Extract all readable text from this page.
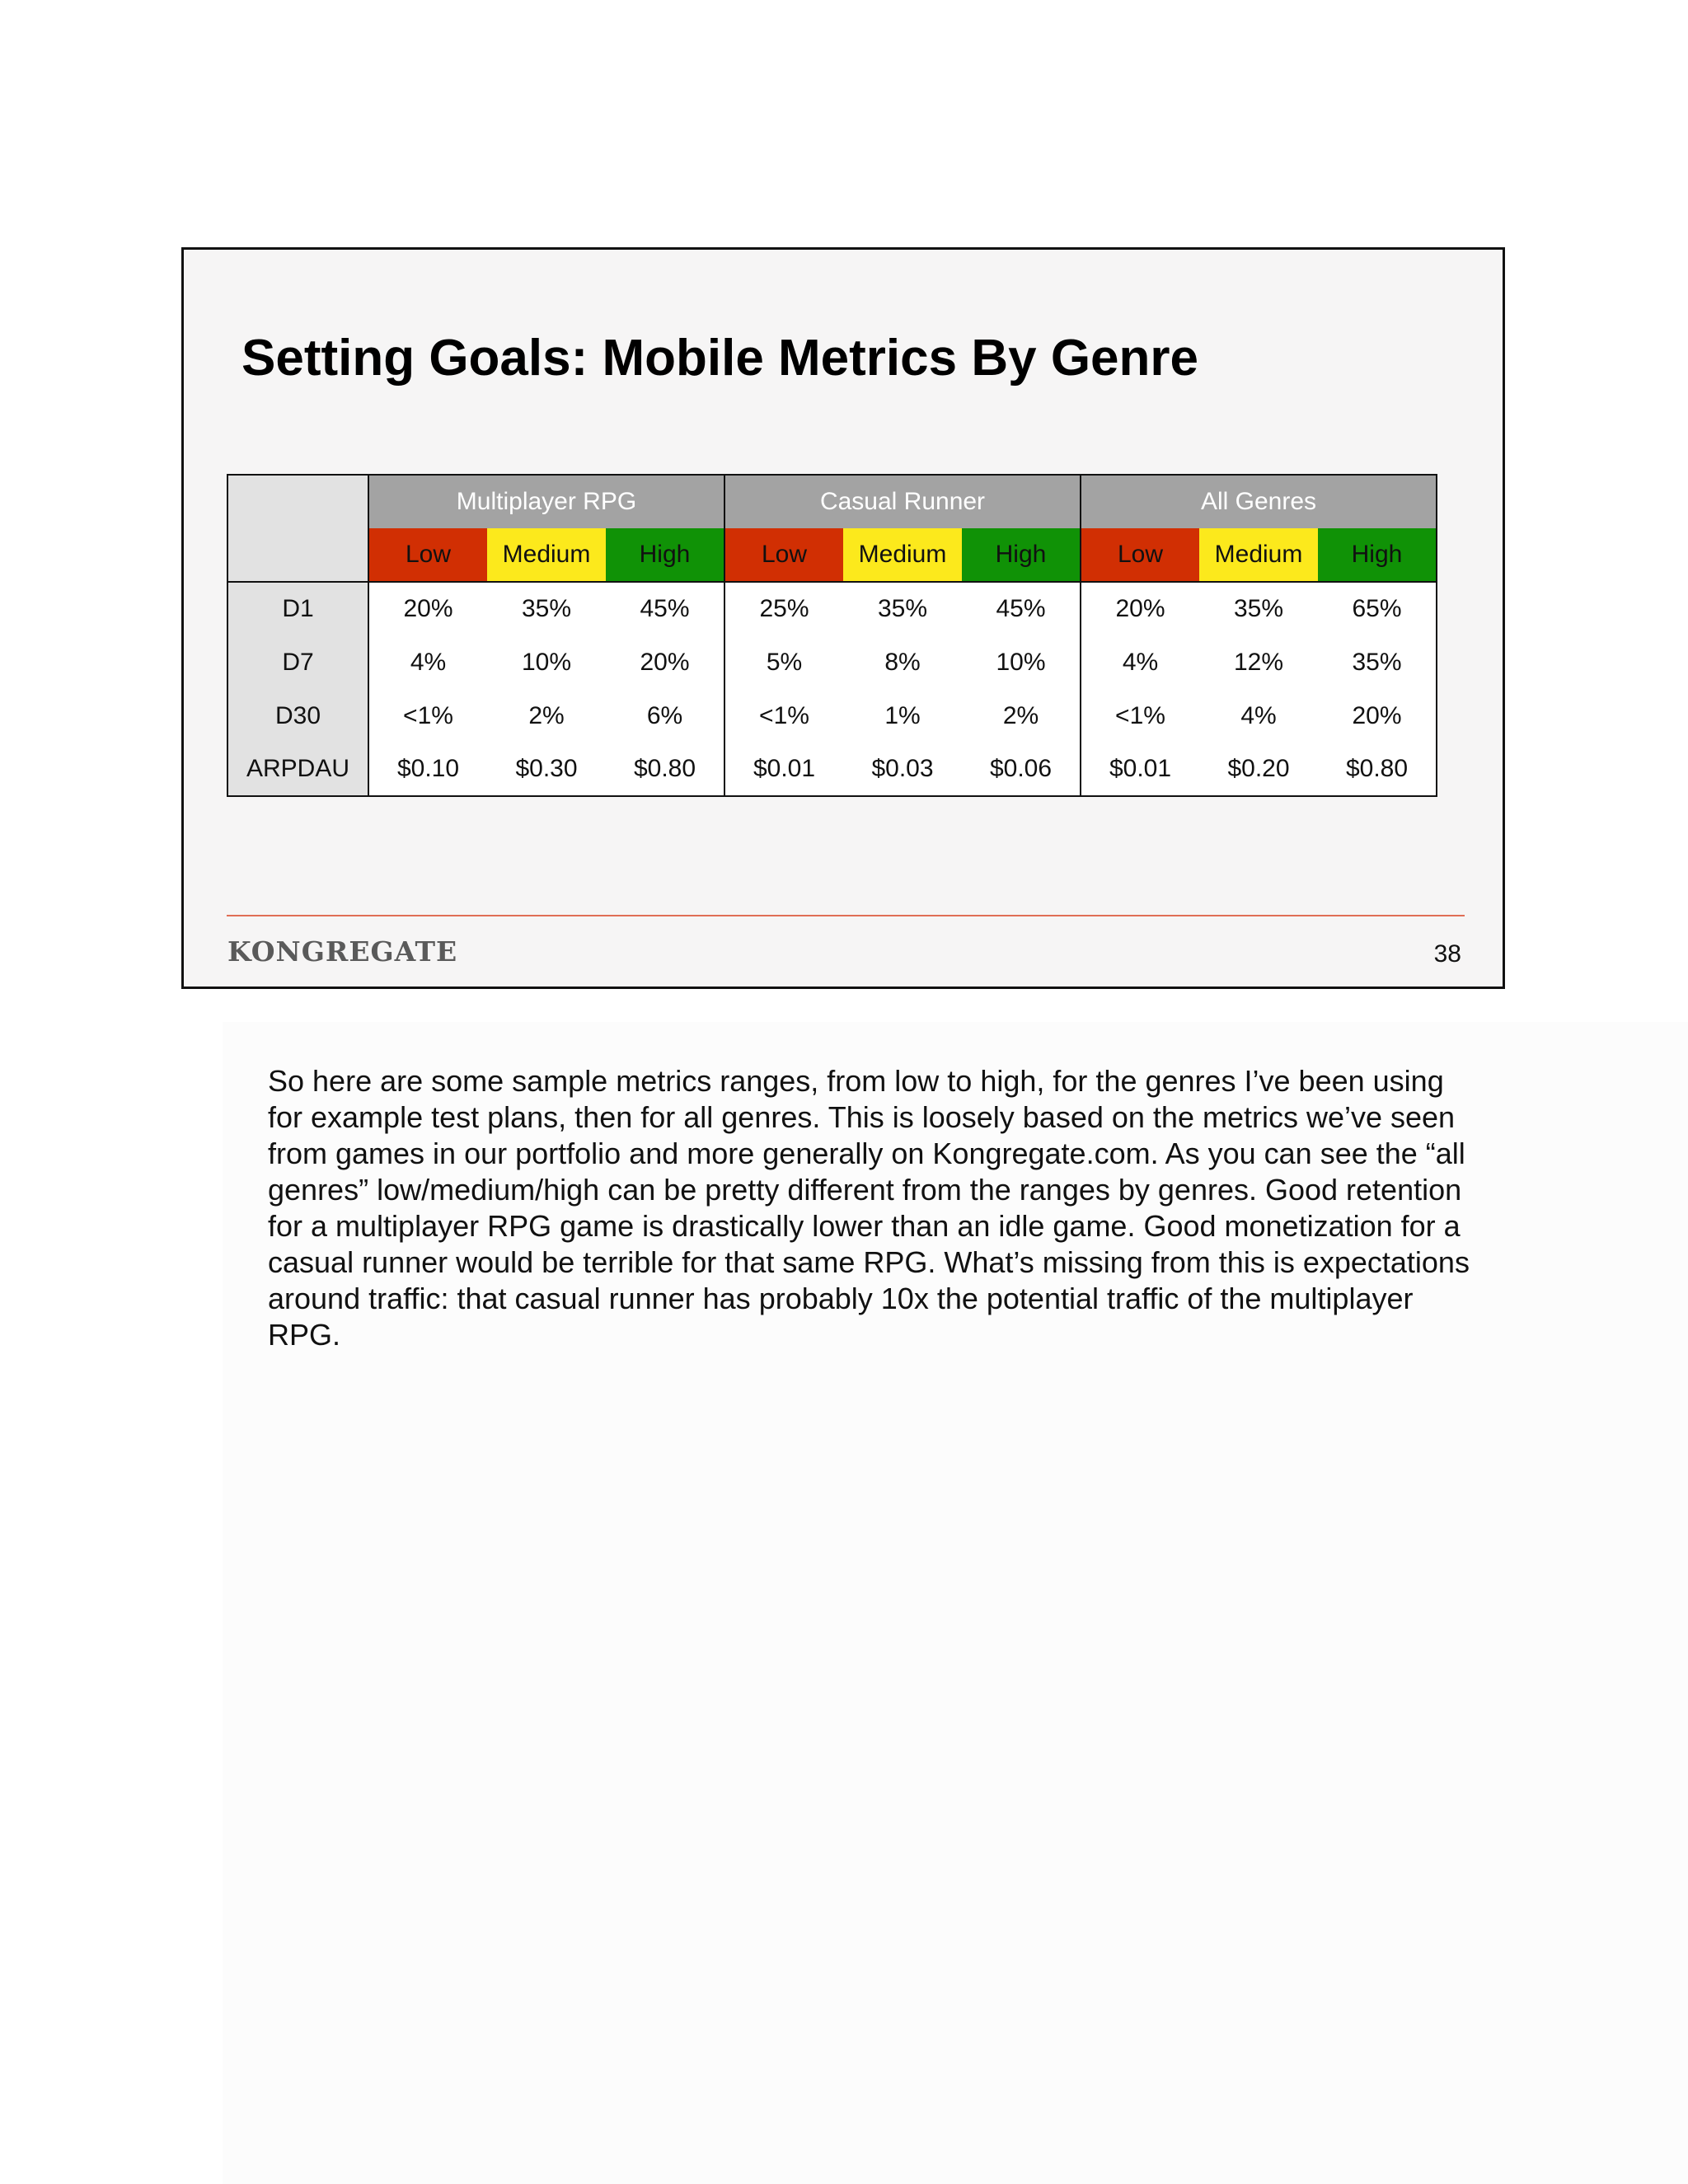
Setting Goals: Mobile Metrics By Genre
	Multiplayer RPG			Casual Runner			All Genres		
	Low	Medium	High	Low	Medium	High	Low	Medium	High
D1	20%	35%	45%	25%	35%	45%	20%	35%	65%
D7	4%	10%	20%	5%	8%	10%	4%	12%	35%
D30	<1%	2%	6%	<1%	1%	2%	<1%	4%	20%
ARPDAU	$0.10	$0.30	$0.80	$0.01	$0.03	$0.06	$0.01	$0.20	$0.80
KONGREGATE	38

So here are some sample metrics ranges, from low to high, for the genres I’ve been using for example test plans, then for all genres. This is loosely based on the metrics we’ve seen from games in our portfolio and more generally on Kongregate.com. As you can see the “all genres” low/medium/high can be pretty different from the ranges by genres. Good retention for a multiplayer RPG game is drastically lower than an idle game. Good monetization for a casual runner would be terrible for that same RPG. What’s missing from this is expectations around traffic: that casual runner has probably 10x the potential traffic of the multiplayer RPG.
